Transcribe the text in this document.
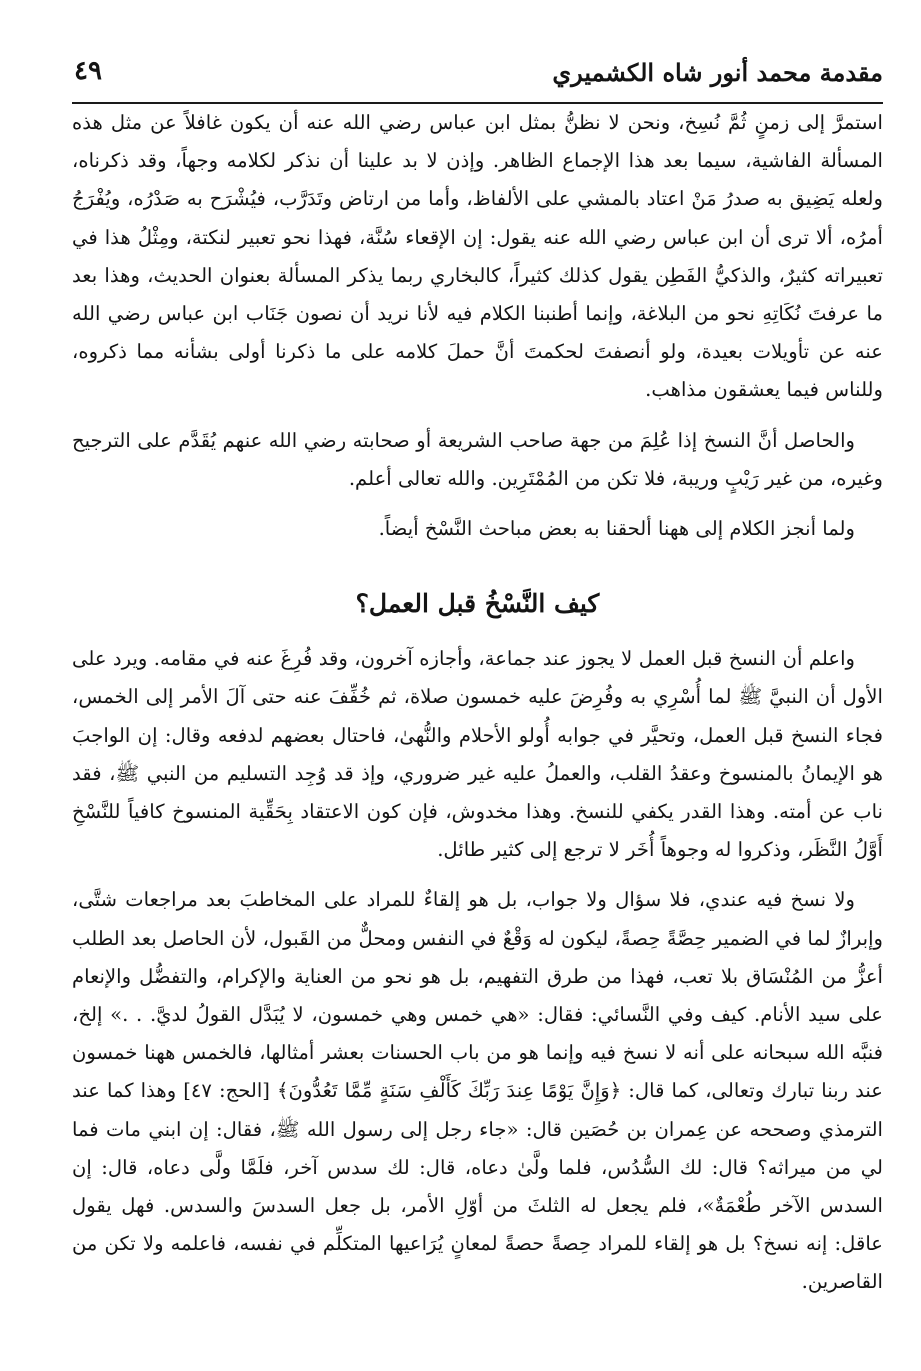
مقدمة محمد أنور شاه الكشميري
٤٩

استمرَّ إلى زمنٍ ثُمَّ نُسِخ، ونحن لا نظنُّ بمثل ابن عباس رضي الله عنه أن يكون غافلاً عن مثل هذه المسألة الفاشية، سيما بعد هذا الإجماع الظاهر. وإذن لا بد علينا أن نذكر لكلامه وجهاً، وقد ذكرناه، ولعله يَضِيق به صدرُ مَنْ اعتاد بالمشي على الألفاظ، وأما من ارتاض وتَدَرَّب، فيُشْرَح به صَدْرُه، ويُفْرَجُ أمرُه، ألا ترى أن ابن عباس رضي الله عنه يقول: إن الإقعاء سُنَّة، فهذا نحو تعبير لنكتة، ومِثْلُ هذا في تعبيراته كثيرٌ، والذكيُّ الفَطِن يقول كذلك كثيراً، كالبخاري ربما يذكر المسألة بعنوان الحديث، وهذا بعد ما عرفتَ نُكَاتِهِ نحو من البلاغة، وإنما أطنبنا الكلام فيه لأنا نريد أن نصون جَنَاب ابن عباس رضي الله عنه عن تأويلات بعيدة، ولو أنصفتَ لحكمتَ أنَّ حملَ كلامه على ما ذكرنا أولى بشأنه مما ذكروه، وللناس فيما يعشقون مذاهب.

والحاصل أنَّ النسخ إذا عُلِمَ من جهة صاحب الشريعة أو صحابته رضي الله عنهم يُقَدَّم على الترجيح وغيره، من غير رَيْبٍ وريبة، فلا تكن من المُمْتَرِين. والله تعالى أعلم.

ولما أنجز الكلام إلى ههنا ألحقنا به بعض مباحث النَّسْخ أيضاً.

كيف النَّسْخُ قبل العمل؟

واعلم أن النسخ قبل العمل لا يجوز عند جماعة، وأجازه آخرون، وقد فُرِغَ عنه في مقامه. ويرد على الأول أن النبيَّ ﷺ لما أُسْرِي به وفُرِضَ عليه خمسون صلاة، ثم خُفِّفَ عنه حتى آلَ الأمر إلى الخمس، فجاء النسخ قبل العمل، وتحيَّر في جوابه أُولو الأحلام والنُّهىٰ، فاحتال بعضهم لدفعه وقال: إن الواجبَ هو الإيمانُ بالمنسوخ وعقدُ القلب، والعملُ عليه غير ضروري، وإذ قد وُجِد التسليم من النبي ﷺ، فقد ناب عن أمته. وهذا القدر يكفي للنسخ. وهذا مخدوش، فإن كون الاعتقاد بِحَقِّية المنسوخ كافياً للنَّسْخِ أَوَّلُ النَّظَر، وذكروا له وجوهاً أُخَر لا ترجع إلى كثير طائل.

ولا نسخ فيه عندي، فلا سؤال ولا جواب، بل هو إلقاءٌ للمراد على المخاطبَ بعد مراجعات شتَّى، وإبرازٌ لما في الضمير حِصَّةً حِصةً، ليكون له وَقْعٌ في النفس ومحلٌّ من القَبول، لأن الحاصل بعد الطلب أعزُّ من المُنْسَاق بلا تعب، فهذا من طرق التفهيم، بل هو نحو من العناية والإكرام، والتفضُّل والإنعام على سيد الأنام. كيف وفي النَّسائي: فقال: «هي خمس وهي خمسون، لا يُبَدَّل القولُ لديَّ. . .» إلخ، فنبَّه الله سبحانه على أنه لا نسخ فيه وإنما هو من باب الحسنات بعشر أمثالها، فالخمس ههنا خمسون عند ربنا تبارك وتعالى، كما قال: ﴿وَإِنَّ يَوْمًا عِندَ رَبِّكَ كَأَلْفِ سَنَةٍ مِّمَّا تَعُدُّونَ﴾ [الحج: ٤٧] وهذا كما عند الترمذي وصححه عن عِمران بن حُصَين قال: «جاء رجل إلى رسول الله ﷺ، فقال: إن ابني مات فما لي من ميراثه؟ قال: لك السُّدُس، فلما ولَّىٰ دعاه، قال: لك سدس آخر، فلَمَّا ولَّى دعاه، قال: إن السدس الآخر طُعْمَةٌ»، فلم يجعل له الثلثَ من أوّلِ الأمر، بل جعل السدسَ والسدس. فهل يقول عاقل: إنه نسخ؟ بل هو إلقاء للمراد حِصةً حصةً لمعانٍ يُرَاعيها المتكلِّم في نفسه، فاعلمه ولا تكن من القاصرين.
